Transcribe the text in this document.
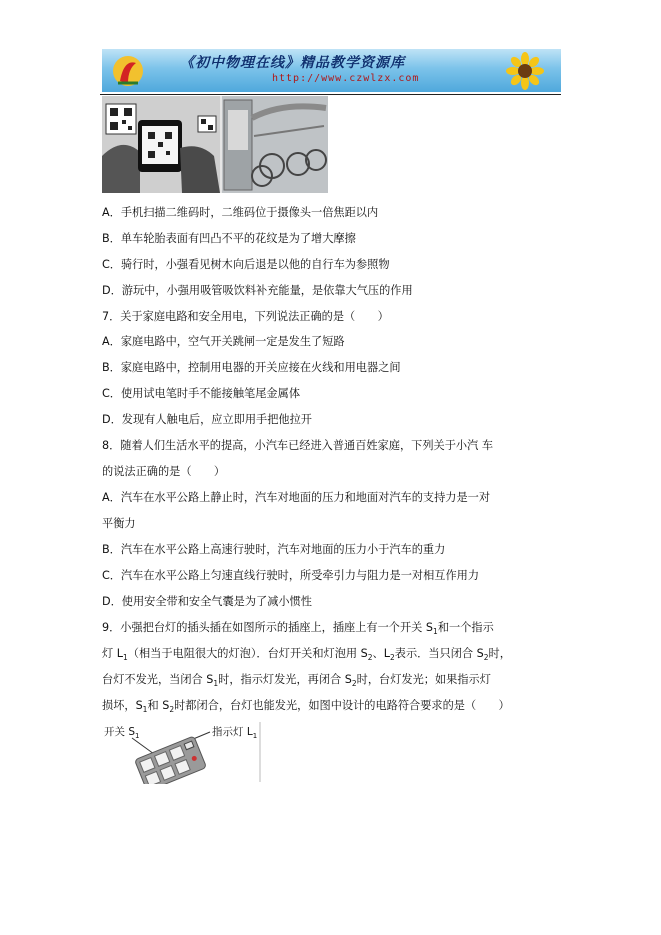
《初中物理在线》精品教学资源库
http://www.czwlzx.com
A．手机扫描二维码时，二维码位于摄像头一倍焦距以内
B．单车轮胎表面有凹凸不平的花纹是为了增大摩擦
C．骑行时，小强看见树木向后退是以他的自行车为参照物
D．游玩中，小强用吸管吸饮料补充能量，是依靠大气压的作用
7．关于家庭电路和安全用电，下列说法正确的是（　　）
A．家庭电路中，空气开关跳闸一定是发生了短路
B．家庭电路中，控制用电器的开关应接在火线和用电器之间
C．使用试电笔时手不能接触笔尾金属体
D．发现有人触电后，应立即用手把他拉开
8．随着人们生活水平的提高，小汽车已经进入普通百姓家庭，下列关于小汽 车
的说法正确的是（　　）
A．汽车在水平公路上静止时，汽车对地面的压力和地面对汽车的支持力是一对
平衡力
B．汽车在水平公路上高速行驶时，汽车对地面的压力小于汽车的重力
C．汽车在水平公路上匀速直线行驶时，所受牵引力与阻力是一对相互作用力
D．使用安全带和安全气囊是为了减小惯性
9．小强把台灯的插头插在如图所示的插座上，插座上有一个开关 $S_1$和一个指示
灯 $L_1$（相当于电阻很大的灯泡）．台灯开关和灯泡用 $S_2$、$L_2$表示．当只闭合 $S_2$时，
台灯不发光，当闭合 $S_1$时，指示灯发光，再闭合 $S_2$时，台灯发光；如果指示灯
损坏，$S_1$和 $S_2$时都闭合，台灯也能发光，如图中设计的电路符合要求的是（　　）
开关 $S_1$	指示灯 $L_1$
